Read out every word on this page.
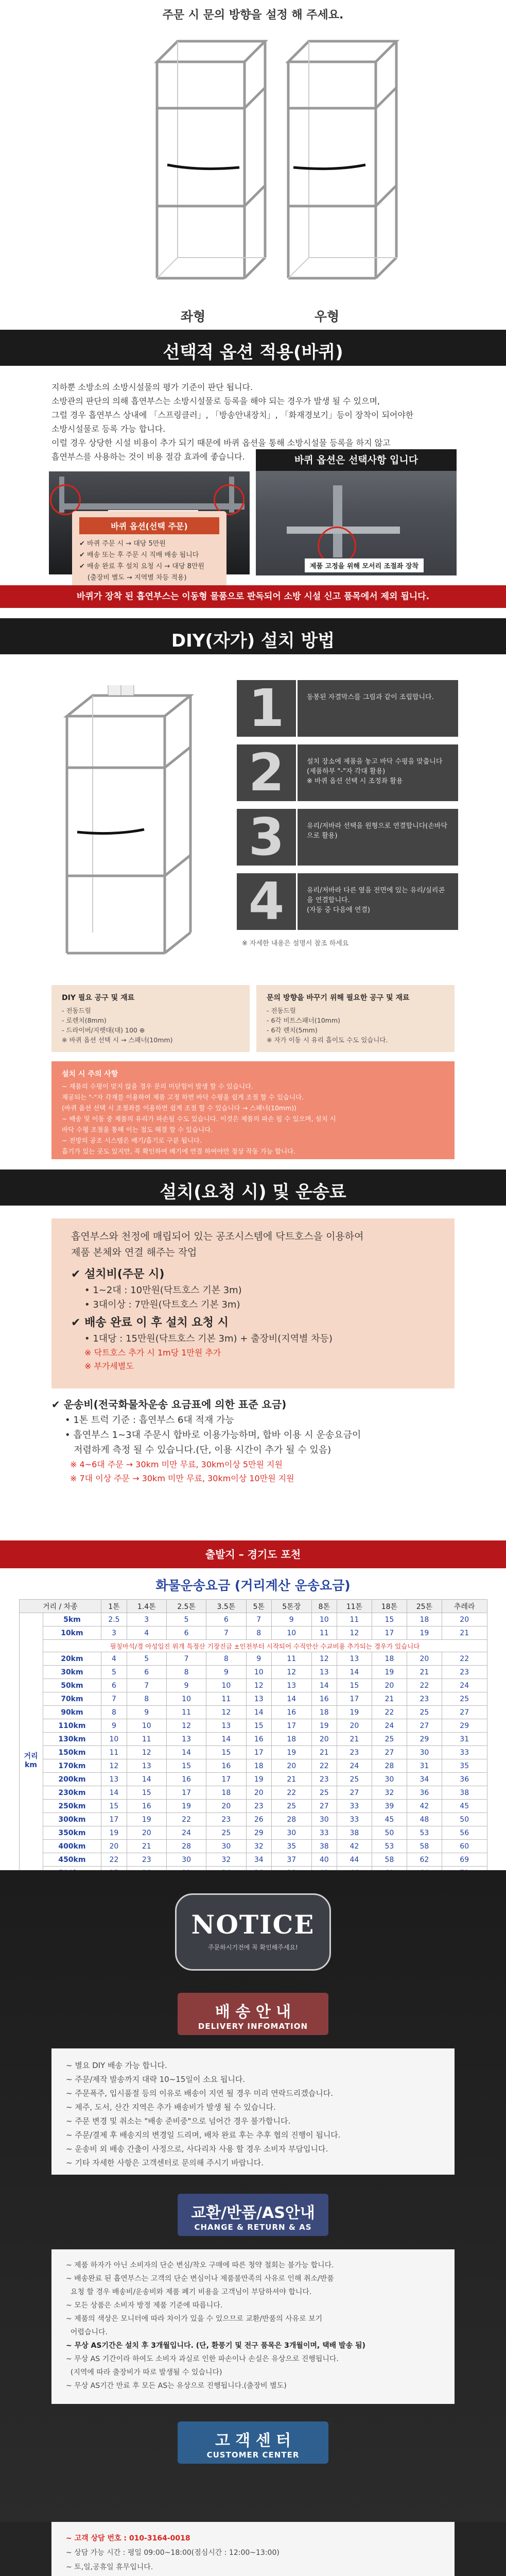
주문 시 문의 방향을 설정 해 주세요.
좌형	우형
선택적 옵션 적용(바퀴)
지하뿐 소방소의 소방시설물의 평가 기준이 판단 됩니다.
소방관의 판단의 의해 흡연부스는 소방시설물로 등록을 해야 되는 경우가 발생 될 수 있으며,
그럴 경우 흡연부스 상내에 「스프링클러」, 「방송안내장치」, 「화재경보기」등이 장착이 되어야한
소방시설물로 등록 가능 합니다.
이럴 경우 상당한 시설 비용이 추가 되기 때문에 바퀴 옵션을 통해 소방시설물 등록을 하지 않고
흡연부스를 사용하는 것이 비용 절감 효과에 좋습니다.
바퀴 옵션(선택 주문)
✔ 바퀴 주문 시 → 대당 5만원
✔ 배송 또는 후 주문 시 직배 배송 됩니다
✔ 배송 완료 후 설치 요청 시 → 대당 8만원
(출장비 별도 → 지역별 차등 적용)
바퀴 옵션은 선택사항 입니다
제품 고정을 위해 모서리 조절좌 장착
바퀴가 장착 된 흡연부스는 이동형 물품으로 판독되어 소방 시설 신고 품목에서 제외 됩니다.
DIY(자가) 설치 방법
1	동봉된 자결막스를 그림과 같이 조립합니다.
2	설치 장소에 제품을 놓고 바닥 수평을 맞춥니다(제품하부 "-"자 각대 활용)
※ 바퀴 옵션 선택 시 조정좌 활용
3	유리/저바라 선택을 원형으로 연결합니다(손바닥으로 활용)
4	유리/저바라 다른 옆을 전면에 있는 유리/실리콘을 연결합니다.
(자동 중 다음에 연결)
※ 자세한 내용은 설명서 참조 하세요
DIY 필요 공구 및 재료
- 전동드릴
- 로렌치(8mm)
- 드라이버/지렛대(대) 100 ⊕
※ 바퀴 옵션 선택 시 → 스패너(10mm)
문의 방향을 바꾸기 위해 필요한 공구 및 재료
- 전동드릴
- 6각 비트스패너(10mm)
- 6각 렌치(5mm)
※ 자가 이동 시 유리 흡이도 수도 있습니다.
설치 시 주의 사항
~ 제품의 수평이 맞지 않을 경우 문의 미닫힘이 발생 할 수 있습니다.
제공되는 "-"자 각재를 이용하여 제품 고정 하면 바닥 수평을 쉽게 조절 할 수 있습니다.
(바퀴 옵션 선택 시 조절좌를 이용하면 쉽게 조절 할 수 있습니다 → 스패너(10mm))
~ 배송 및 이동 중 제품의 유리가 파손될 수도 있습니다. 이것은 제품의 파손 될 수 있으며, 설치 시
바닥 수평 조절을 통해 이는 점도 해결 할 수 있습니다.
~ 전방의 공조 시스템은 배기/흡기로 구분 됩니다.
흡기가 있는 곳도 있지만, 꼭 확인하여 배기에 연결 하여야만 정상 작동 가능 합니다.
설치(요청 시) 및 운송료
흡연부스와 천정에 매립되어 있는 공조시스템에 닥트호스을 이용하여
제품 본체와 연결 해주는 작업
✔ 설치비(주문 시)
• 1~2대 : 10만원(닥트호스 기본 3m)
• 3대이상 : 7만원(닥트호스 기본 3m)
✔ 배송 완료 이 후 설치 요청 시
• 1대당 : 15만원(닥트호스 기본 3m) + 출장비(지역별 차등)
※ 닥트호스 추가 시 1m당 1만원 추가
※ 부가세별도
✔ 운송비(전국화물차운송 요금표에 의한 표준 요금)
• 1톤 트럭 기준 : 흡연부스 6대 적재 가능
• 흡연부스 1~3대 주문시 합바로 이용가능하며, 합바 이용 시 운송요금이
저렴하게 측정 될 수 있습니다.(단, 이용 시간이 추가 될 수 있음)
※ 4~6대 주문 → 30km 미만 무료, 30km이상 5만원 지원
※ 7대 이상 주문 → 30km 미만 무료, 30km이상 10만원 지원
출발지 – 경기도 포천
화물운송요금 (거리계산 운송요금)
거리 / 차종		1톤	1.4톤	2.5톤	3.5톤	5톤	5톤장	8톤	11톤	18톤	25톤	추레라
거리 km	5km	2.5	3	5	6	7	9	10	11	15	18	20
	10km	3	4	6	7	8	10	11	12	17	19	21
	필칭마석/경 아성입진 위개 특정산 기장진금 ±인천부터 시작되어 수직안산 수교비용 추가되는 경우가 있습니다											
	20km	4	5	7	8	9	11	12	13	18	20	22
	30km	5	6	8	9	10	12	13	14	19	21	23
	50km	6	7	9	10	12	13	14	15	20	22	24
	70km	7	8	10	11	13	14	16	17	21	23	25
	90km	8	9	11	12	14	16	18	19	22	25	27
	110km	9	10	12	13	15	17	19	20	24	27	29
	130km	10	11	13	14	16	18	20	21	25	29	31
	150km	11	12	14	15	17	19	21	23	27	30	33
	170km	12	13	15	16	18	20	22	24	28	31	35
	200km	13	14	16	17	19	21	23	25	30	34	36
	230km	14	15	17	18	20	22	25	27	32	36	38
	250km	15	16	19	20	23	25	27	33	39	42	45
	300km	17	19	22	23	26	28	30	33	45	48	50
	350km	19	20	24	25	29	30	33	38	50	53	56
	400km	20	21	28	30	32	35	38	42	53	58	60
	450km	22	23	30	32	34	37	40	44	58	62	69

NOTICE
주문하시기전에 꼭 확인해주세요!
배 송 안 내
DELIVERY INFOMATION
~ 별요 DIY 배송 가능 합니다.
~ 주문/제작 발송까지 대략 10~15일이 소요 됩니다.
~ 주문폭주, 입시품절 등의 이유로 배송이 지연 될 경우 미리 연락드리겠습니다.
~ 제주, 도서, 산간 지역은 추가 배송비가 발생 될 수 있습니다.
~ 주문 변경 및 취소는 "배송 준비중"으로 넘어간 경우 불가합니다.
~ 주문/결제 후 배송지의 변경일 드리며, 배차 완료 후는 추후 협의 진행이 됩니다.
~ 운송비 외 배송 간출이 사정으로, 사다리차 사용 할 경우 소비자 부담입니다.
~ 기타 자세한 사항은 고객센터로 문의해 주시기 바랍니다.
교환/반품/AS안내
CHANGE & RETURN & AS
~ 제품 하자가 아닌 소비자의 단순 변심/착오 구매에 따른 청약 철회는 불가능 합니다.
~ 배송완료 된 흡연부스는 고객의 단순 변심이나 제품불만족의 사유로 인해 취소/반품
요청 할 경우 배송비/운송비와 제품 폐기 비용을 고객님이 부담하셔야 합니다.
~ 모든 상품은 소비자 방정 제품 기준에 따릅니다.
~ 제품의 색상은 모니터에 따라 차이가 있을 수 있으므로 교환/반품의 사유로 보기
어렵습니다.
~ 무상 AS기간은 설치 후 3개월입니다. (단, 환풍기 및 전구 품목은 3개월이며, 택배 발송 됨)
~ 무상 AS 기간이라 하여도 소비자 과실로 인한 파손이나 손실은 유상으로 진행됩니다.
(지역에 따라 출장비가 따로 발생될 수 있습니다)
~ 무상 AS기간 만료 후 모든 AS는 유상으로 진행됩니다.(출장비 별도)
고 객 센 터
CUSTOMER CENTER
~ 고객 상담 번호 : 010-3164-0018
~ 상담 가능 시간 : 평일 09:00~18:00(점심시간 : 12:00~13:00)
~ 토,일,공휴일 휴무입니다.
